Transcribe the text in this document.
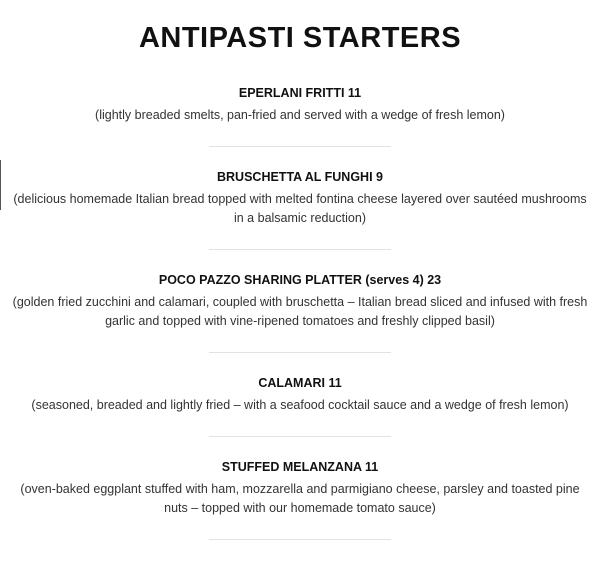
ANTIPASTI STARTERS
EPERLANI FRITTI 11
(lightly breaded smelts, pan-fried and served with a wedge of fresh lemon)
BRUSCHETTA AL FUNGHI 9
(delicious homemade Italian bread topped with melted fontina cheese layered over sautéed mushrooms in a balsamic reduction)
POCO PAZZO SHARING PLATTER (serves 4) 23
(golden fried zucchini and calamari, coupled with bruschetta – Italian bread sliced and infused with fresh garlic and topped with vine-ripened tomatoes and freshly clipped basil)
CALAMARI 11
(seasoned, breaded and lightly fried – with a seafood cocktail sauce and a wedge of fresh lemon)
STUFFED MELANZANA 11
(oven-baked eggplant stuffed with ham, mozzarella and parmigiano cheese, parsley and toasted pine nuts – topped with our homemade tomato sauce)
